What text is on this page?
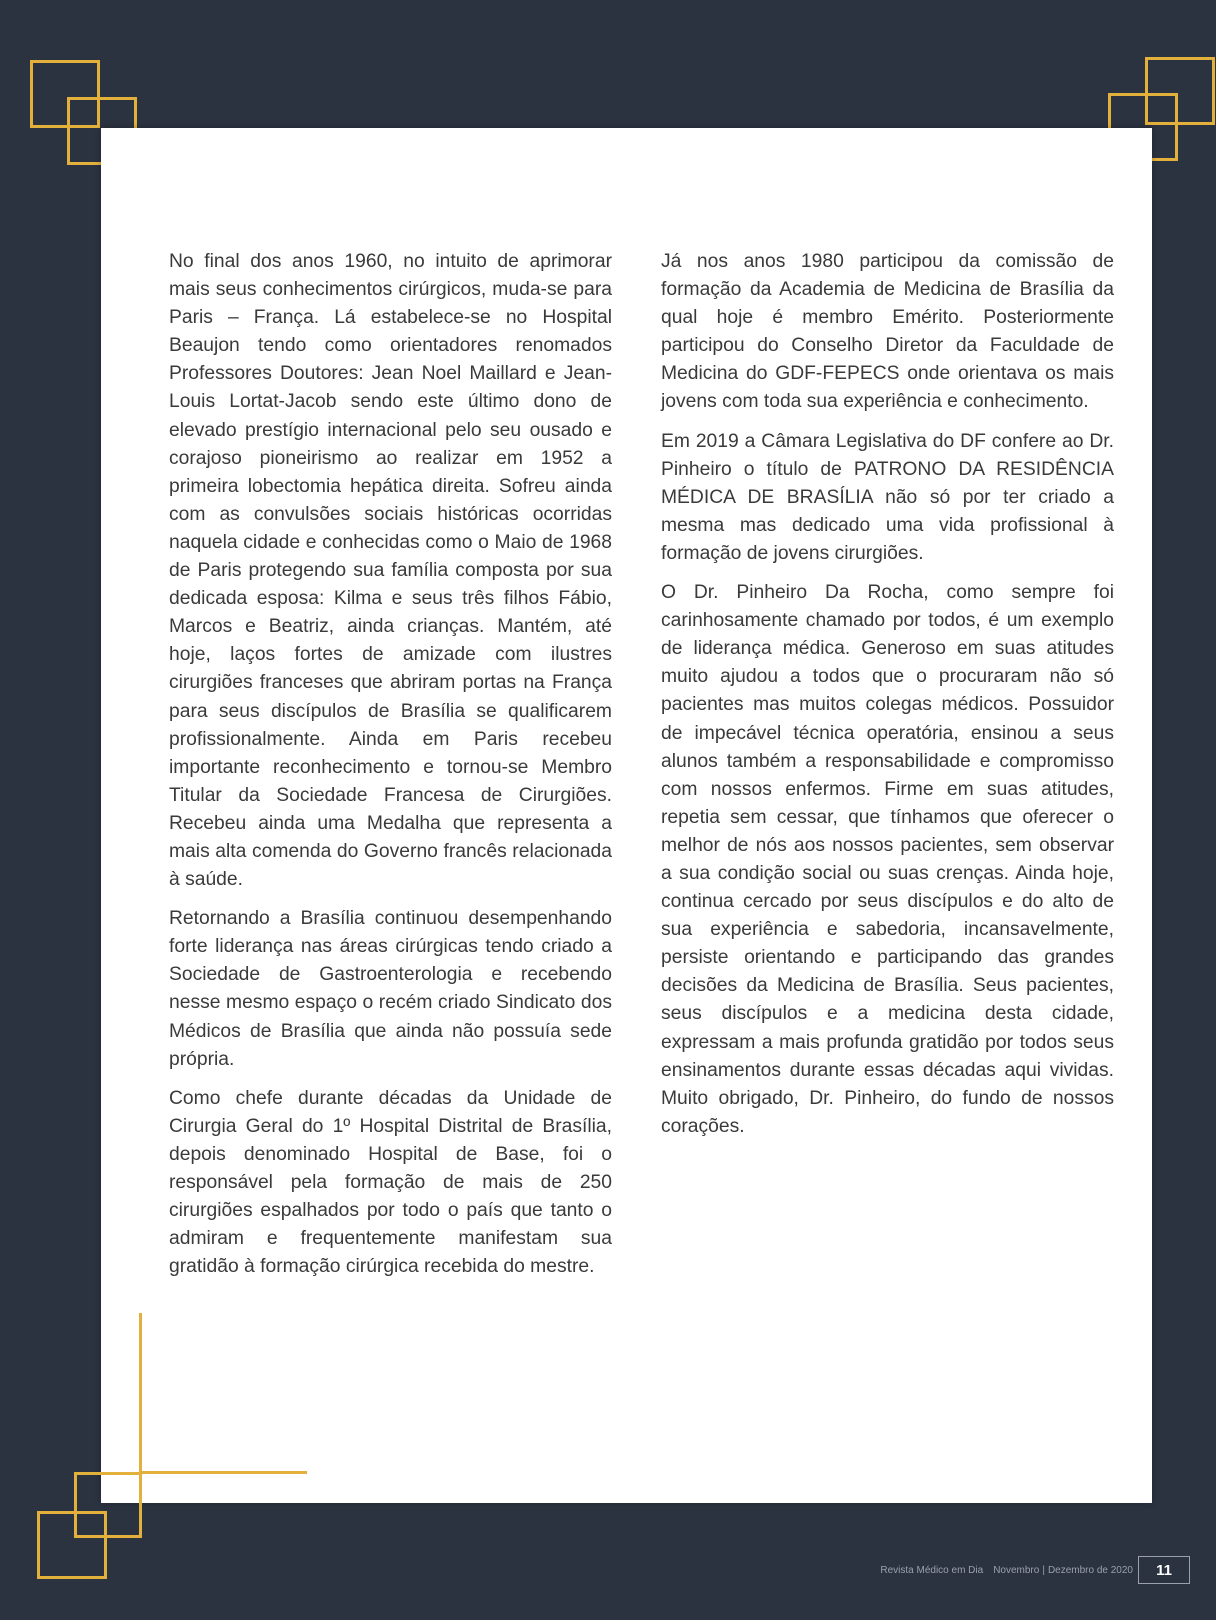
No final dos anos 1960, no intuito de aprimorar mais seus conhecimentos cirúrgicos, muda-se para Paris – França. Lá estabelece-se no Hospital Beaujon tendo como orientadores renomados Professores Doutores: Jean Noel Maillard e Jean-Louis Lortat-Jacob sendo este último dono de elevado prestígio internacional pelo seu ousado e corajoso pioneirismo ao realizar em 1952 a primeira lobectomia hepática direita. Sofreu ainda com as convulsões sociais históricas ocorridas naquela cidade e conhecidas como o Maio de 1968 de Paris protegendo sua família composta por sua dedicada esposa: Kilma e seus três filhos Fábio, Marcos e Beatriz, ainda crianças. Mantém, até hoje, laços fortes de amizade com ilustres cirurgiões franceses que abriram portas na França para seus discípulos de Brasília se qualificarem profissionalmente. Ainda em Paris recebeu importante reconhecimento e tornou-se Membro Titular da Sociedade Francesa de Cirurgiões. Recebeu ainda uma Medalha que representa a mais alta comenda do Governo francês relacionada à saúde.

Retornando a Brasília continuou desempenhando forte liderança nas áreas cirúrgicas tendo criado a Sociedade de Gastroenterologia e recebendo nesse mesmo espaço o recém criado Sindicato dos Médicos de Brasília que ainda não possuía sede própria.

Como chefe durante décadas da Unidade de Cirurgia Geral do 1º Hospital Distrital de Brasília, depois denominado Hospital de Base, foi o responsável pela formação de mais de 250 cirurgiões espalhados por todo o país que tanto o admiram e frequentemente manifestam sua gratidão à formação cirúrgica recebida do mestre.

Já nos anos 1980 participou da comissão de formação da Academia de Medicina de Brasília da qual hoje é membro Emérito. Posteriormente participou do Conselho Diretor da Faculdade de Medicina do GDF-FEPECS onde orientava os mais jovens com toda sua experiência e conhecimento.

Em 2019 a Câmara Legislativa do DF confere ao Dr. Pinheiro o título de PATRONO DA RESIDÊNCIA MÉDICA DE BRASÍLIA não só por ter criado a mesma mas dedicado uma vida profissional à formação de jovens cirurgiões.

O Dr. Pinheiro Da Rocha, como sempre foi carinhosamente chamado por todos, é um exemplo de liderança médica. Generoso em suas atitudes muito ajudou a todos que o procuraram não só pacientes mas muitos colegas médicos. Possuidor de impecável técnica operatória, ensinou a seus alunos também a responsabilidade e compromisso com nossos enfermos. Firme em suas atitudes, repetia sem cessar, que tínhamos que oferecer o melhor de nós aos nossos pacientes, sem observar a sua condição social ou suas crenças. Ainda hoje, continua cercado por seus discípulos e do alto de sua experiência e sabedoria, incansavelmente, persiste orientando e participando das grandes decisões da Medicina de Brasília. Seus pacientes, seus discípulos e a medicina desta cidade, expressam a mais profunda gratidão por todos seus ensinamentos durante essas décadas aqui vividas. Muito obrigado, Dr. Pinheiro, do fundo de nossos corações.

Revista Médico em Dia Novembro | Dezembro de 2020	11
